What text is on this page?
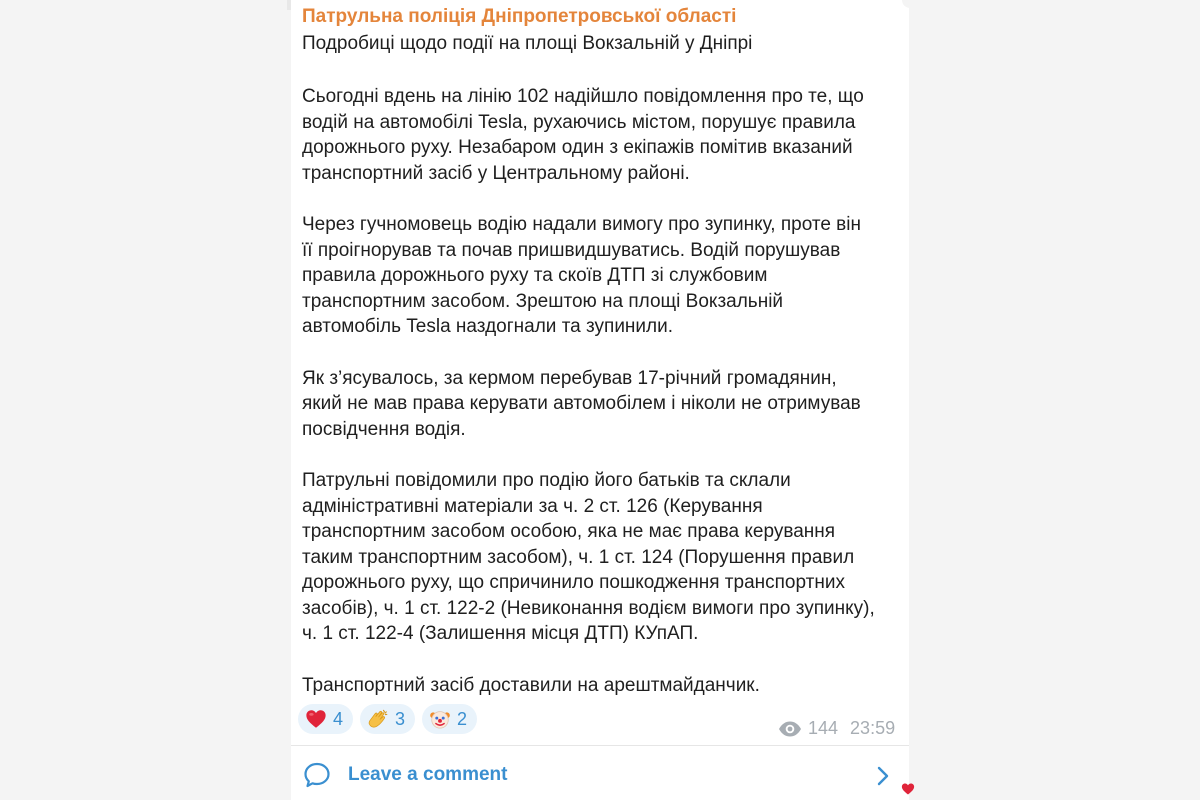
Патрульна поліція Дніпропетровської області
Подробиці щодо події на площі Вокзальній у Дніпрі

Сьогодні вдень на лінію 102 надійшло повідомлення про те, що
водій на автомобілі Tesla, рухаючись містом, порушує правила
дорожнього руху. Незабаром один з екіпажів помітив вказаний
транспортний засіб у Центральному районі.

Через гучномовець водію надали вимогу про зупинку, проте він
її проігнорував та почав пришвидшуватись. Водій порушував
правила дорожнього руху та скоїв ДТП зі службовим
транспортним засобом. Зрештою на площі Вокзальній
автомобіль Tesla наздогнали та зупинили.

Як з’ясувалось, за кермом перебував 17-річний громадянин,
який не мав права керувати автомобілем і ніколи не отримував
посвідчення водія.

Патрульні повідомили про подію його батьків та склали
адміністративні матеріали за ч. 2 ст. 126 (Керування
транспортним засобом особою, яка не має права керування
таким транспортним засобом), ч. 1 ст. 124 (Порушення правил
дорожнього руху, що спричинило пошкодження транспортних
засобів), ч. 1 ст. 122-2 (Невиконання водієм вимоги про зупинку),
ч. 1 ст. 122-4 (Залишення місця ДТП) КУпАП.

Транспортний засіб доставили на арештмайданчик.

4	3	2	144 23:59
Leave a comment
